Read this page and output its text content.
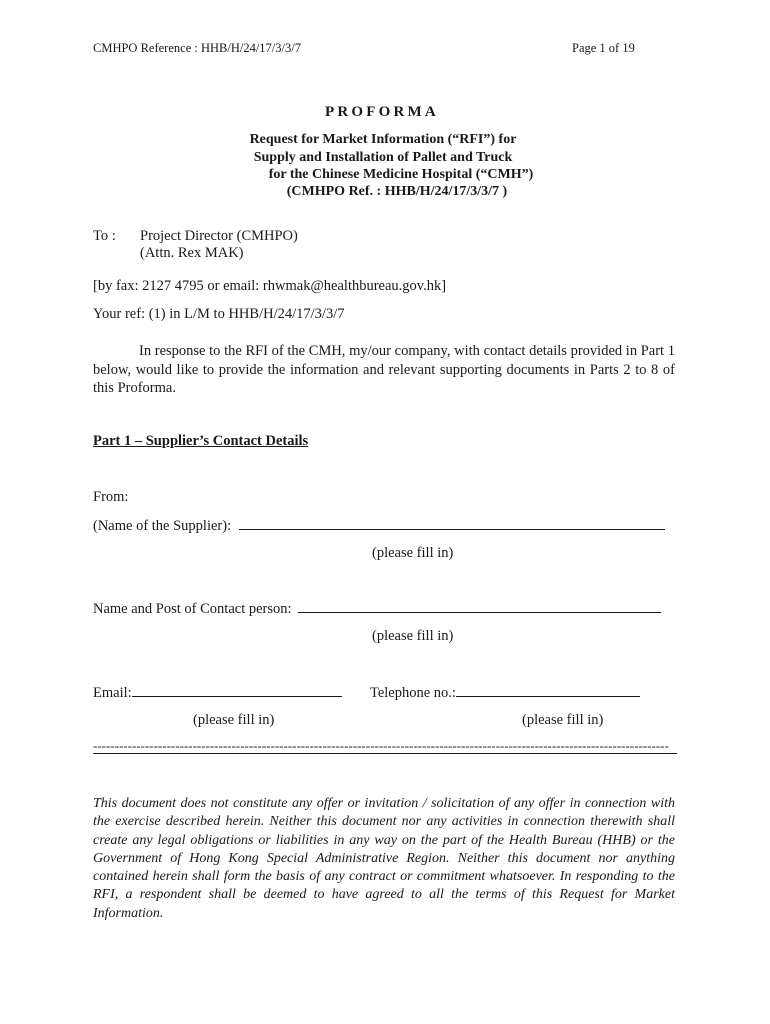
CMHPO Reference : HHB/H/24/17/3/3/7	Page 1 of 19
PROFORMA
Request for Market Information (“RFI”) for
Supply and Installation of Pallet and Truck
for the Chinese Medicine Hospital (“CMH”)
(CMHPO Ref. : HHB/H/24/17/3/3/7 )
To : Project Director (CMHPO)
(Attn. Rex MAK)
[by fax: 2127 4795 or email: rhwmak@healthbureau.gov.hk]
Your ref: (1) in L/M to HHB/H/24/17/3/3/7
In response to the RFI of the CMH, my/our company, with contact details provided in Part 1 below, would like to provide the information and relevant supporting documents in Parts 2 to 8 of this Proforma.
Part 1 – Supplier’s Contact Details
From:
(Name of the Supplier):
(please fill in)
Name and Post of Contact person:
(please fill in)
Email:	Telephone no.:
(please fill in)	(please fill in)
-------------------------------------------------------------------------------------------------------------------------------------
This document does not constitute any offer or invitation / solicitation of any offer in connection with the exercise described herein. Neither this document nor any activities in connection therewith shall create any legal obligations or liabilities in any way on the part of the Health Bureau (HHB) or the Government of Hong Kong Special Administrative Region. Neither this document nor anything contained herein shall form the basis of any contract or commitment whatsoever. In responding to the RFI, a respondent shall be deemed to have agreed to all the terms of this Request for Market Information.
